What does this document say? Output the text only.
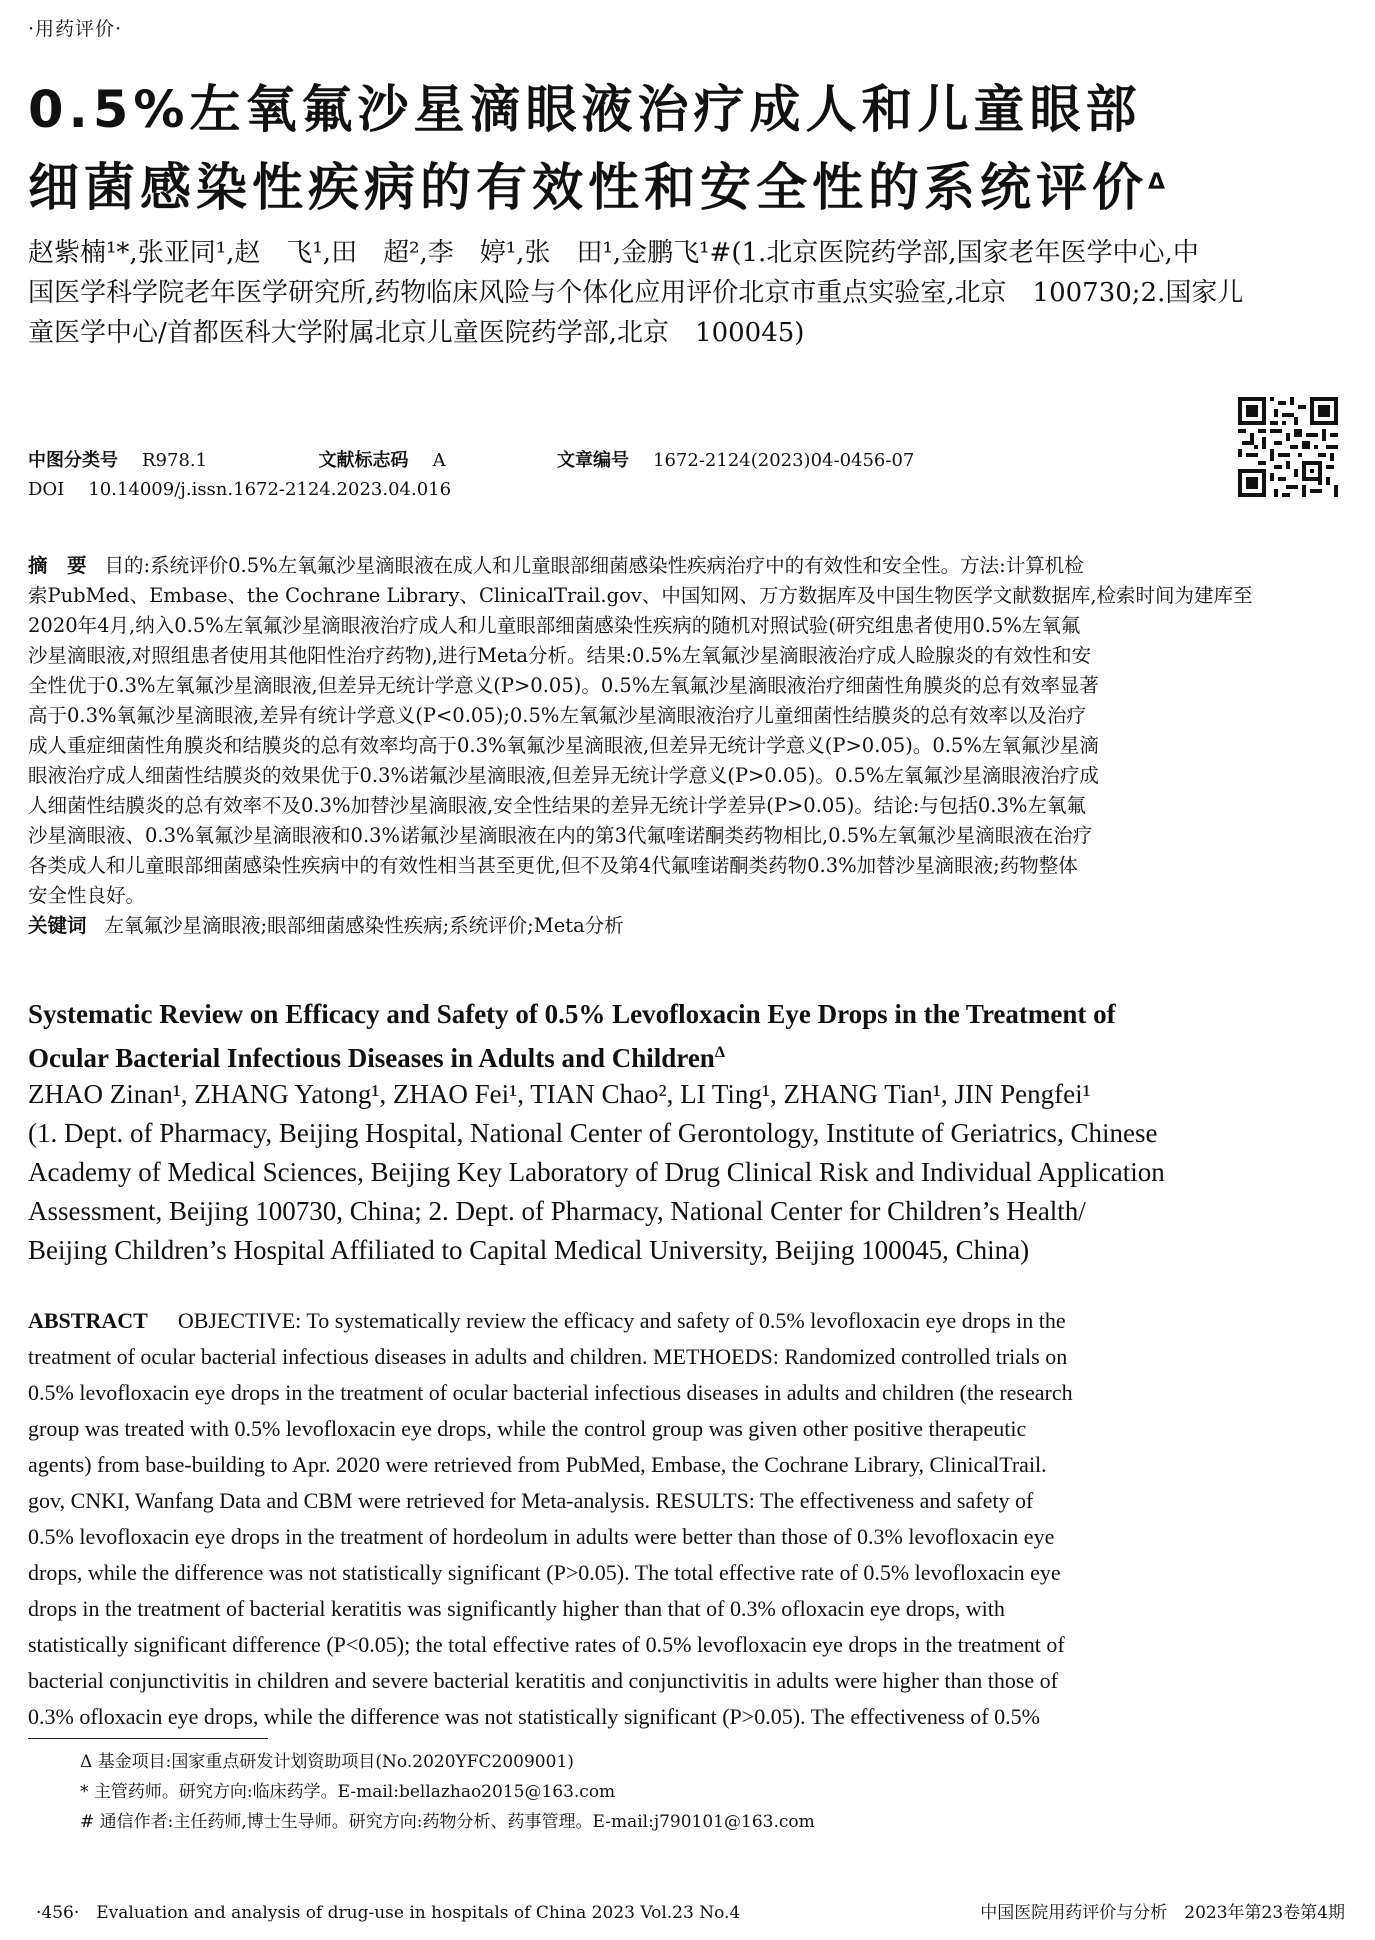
·用药评价·
0.5%左氧氟沙星滴眼液治疗成人和儿童眼部
细菌感染性疾病的有效性和安全性的系统评价$^\Delta$
赵紫楠¹*,张亚同¹,赵　飞¹,田　超²,李　婷¹,张　田¹,金鹏飞¹#(1.北京医院药学部,国家老年医学中心,中
国医学科学院老年医学研究所,药物临床风险与个体化应用评价北京市重点实验室,北京　100730;2.国家儿
童医学中心/首都医科大学附属北京儿童医院药学部,北京　100045)
中图分类号 R978.1	文献标志码 A	文章编号 1672-2124(2023)04-0456-07
DOI 10.14009/j.issn.1672-2124.2023.04.016
摘　要 目的:系统评价0.5%左氧氟沙星滴眼液在成人和儿童眼部细菌感染性疾病治疗中的有效性和安全性。方法:计算机检
索PubMed、Embase、the Cochrane Library、ClinicalTrail.gov、中国知网、万方数据库及中国生物医学文献数据库,检索时间为建库至
2020年4月,纳入0.5%左氧氟沙星滴眼液治疗成人和儿童眼部细菌感染性疾病的随机对照试验(研究组患者使用0.5%左氧氟
沙星滴眼液,对照组患者使用其他阳性治疗药物),进行Meta分析。结果:0.5%左氧氟沙星滴眼液治疗成人睑腺炎的有效性和安
全性优于0.3%左氧氟沙星滴眼液,但差异无统计学意义(P>0.05)。0.5%左氧氟沙星滴眼液治疗细菌性角膜炎的总有效率显著
高于0.3%氧氟沙星滴眼液,差异有统计学意义(P<0.05);0.5%左氧氟沙星滴眼液治疗儿童细菌性结膜炎的总有效率以及治疗
成人重症细菌性角膜炎和结膜炎的总有效率均高于0.3%氧氟沙星滴眼液,但差异无统计学意义(P>0.05)。0.5%左氧氟沙星滴
眼液治疗成人细菌性结膜炎的效果优于0.3%诺氟沙星滴眼液,但差异无统计学意义(P>0.05)。0.5%左氧氟沙星滴眼液治疗成
人细菌性结膜炎的总有效率不及0.3%加替沙星滴眼液,安全性结果的差异无统计学差异(P>0.05)。结论:与包括0.3%左氧氟
沙星滴眼液、0.3%氧氟沙星滴眼液和0.3%诺氟沙星滴眼液在内的第3代氟喹诺酮类药物相比,0.5%左氧氟沙星滴眼液在治疗
各类成人和儿童眼部细菌感染性疾病中的有效性相当甚至更优,但不及第4代氟喹诺酮类药物0.3%加替沙星滴眼液;药物整体
安全性良好。
关键词 左氧氟沙星滴眼液;眼部细菌感染性疾病;系统评价;Meta分析
Systematic Review on Efficacy and Safety of 0.5% Levofloxacin Eye Drops in the Treatment of
Ocular Bacterial Infectious Diseases in Adults and Children$^\Delta$
ZHAO Zinan¹, ZHANG Yatong¹, ZHAO Fei¹, TIAN Chao², LI Ting¹, ZHANG Tian¹, JIN Pengfei¹
(1. Dept. of Pharmacy, Beijing Hospital, National Center of Gerontology, Institute of Geriatrics, Chinese
Academy of Medical Sciences, Beijing Key Laboratory of Drug Clinical Risk and Individual Application
Assessment, Beijing 100730, China; 2. Dept. of Pharmacy, National Center for Children’s Health/
Beijing Children’s Hospital Affiliated to Capital Medical University, Beijing 100045, China)
ABSTRACT OBJECTIVE: To systematically review the efficacy and safety of 0.5% levofloxacin eye drops in the
treatment of ocular bacterial infectious diseases in adults and children. METHOEDS: Randomized controlled trials on
0.5% levofloxacin eye drops in the treatment of ocular bacterial infectious diseases in adults and children (the research
group was treated with 0.5% levofloxacin eye drops, while the control group was given other positive therapeutic
agents) from base-building to Apr. 2020 were retrieved from PubMed, Embase, the Cochrane Library, ClinicalTrail.
gov, CNKI, Wanfang Data and CBM were retrieved for Meta-analysis. RESULTS: The effectiveness and safety of
0.5% levofloxacin eye drops in the treatment of hordeolum in adults were better than those of 0.3% levofloxacin eye
drops, while the difference was not statistically significant (P>0.05). The total effective rate of 0.5% levofloxacin eye
drops in the treatment of bacterial keratitis was significantly higher than that of 0.3% ofloxacin eye drops, with
statistically significant difference (P<0.05); the total effective rates of 0.5% levofloxacin eye drops in the treatment of
bacterial conjunctivitis in children and severe bacterial keratitis and conjunctivitis in adults were higher than those of
0.3% ofloxacin eye drops, while the difference was not statistically significant (P>0.05). The effectiveness of 0.5%
Δ 基金项目:国家重点研发计划资助项目(No.2020YFC2009001)
* 主管药师。研究方向:临床药学。E-mail:bellazhao2015@163.com
# 通信作者:主任药师,博士生导师。研究方向:药物分析、药事管理。E-mail:j790101@163.com
·456·　Evaluation and analysis of drug-use in hospitals of China 2023 Vol.23 No.4	中国医院用药评价与分析　2023年第23卷第4期
